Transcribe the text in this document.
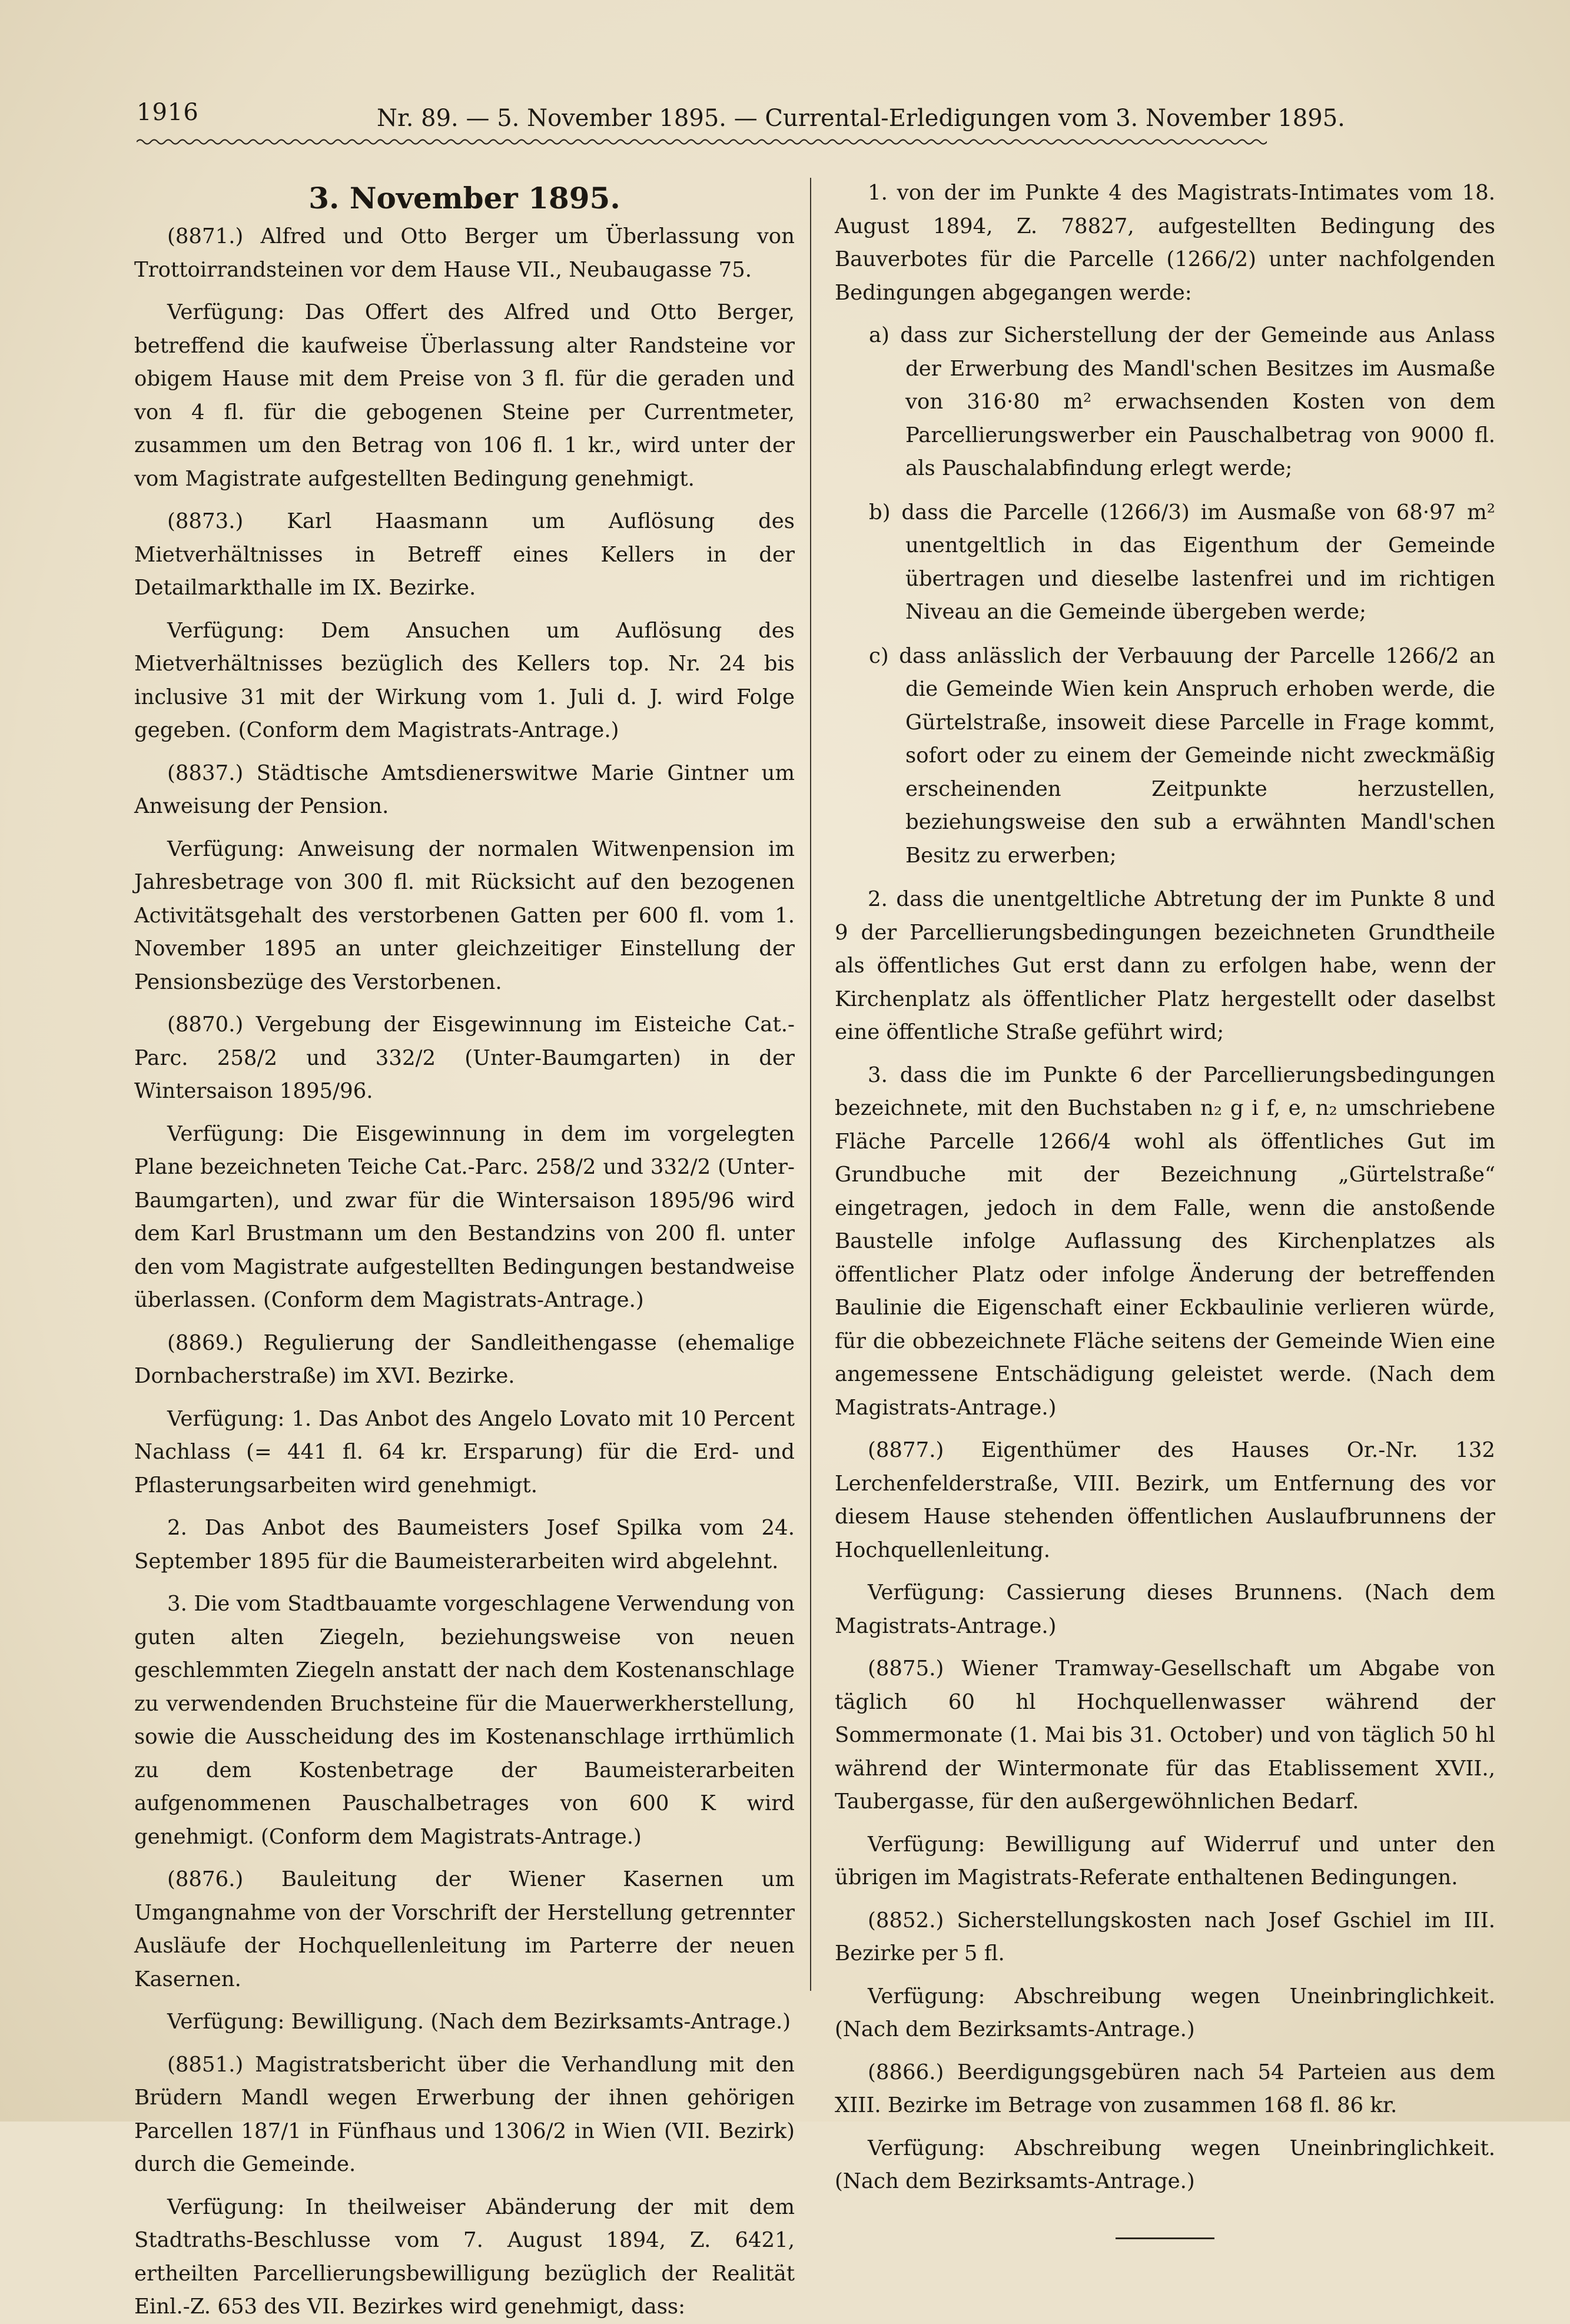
1916	Nr. 89. — 5. November 1895. — Currental-Erledigungen vom 3. November 1895.
3. November 1895.

(8871.) Alfred und Otto Berger um Überlassung von Trottoirrandsteinen vor dem Hause VII., Neubaugasse 75.

Verfügung: Das Offert des Alfred und Otto Berger, betreffend die kaufweise Überlassung alter Randsteine vor obigem Hause mit dem Preise von 3 fl. für die geraden und von 4 fl. für die gebogenen Steine per Currentmeter, zusammen um den Betrag von 106 fl. 1 kr., wird unter der vom Magistrate aufgestellten Bedingung genehmigt.

(8873.) Karl Haasmann um Auflösung des Mietverhältnisses in Betreff eines Kellers in der Detailmarkthalle im IX. Bezirke.

Verfügung: Dem Ansuchen um Auflösung des Mietverhältnisses bezüglich des Kellers top. Nr. 24 bis inclusive 31 mit der Wirkung vom 1. Juli d. J. wird Folge gegeben. (Conform dem Magistrats-Antrage.)

(8837.) Städtische Amtsdienerswitwe Marie Gintner um Anweisung der Pension.

Verfügung: Anweisung der normalen Witwenpension im Jahresbetrage von 300 fl. mit Rücksicht auf den bezogenen Activitätsgehalt des verstorbenen Gatten per 600 fl. vom 1. November 1895 an unter gleichzeitiger Einstellung der Pensionsbezüge des Verstorbenen.

(8870.) Vergebung der Eisgewinnung im Eisteiche Cat.-Parc. 258/2 und 332/2 (Unter-Baumgarten) in der Wintersaison 1895/96.

Verfügung: Die Eisgewinnung in dem im vorgelegten Plane bezeichneten Teiche Cat.-Parc. 258/2 und 332/2 (Unter-Baumgarten), und zwar für die Wintersaison 1895/96 wird dem Karl Brustmann um den Bestandzins von 200 fl. unter den vom Magistrate aufgestellten Bedingungen bestandweise überlassen. (Conform dem Magistrats-Antrage.)

(8869.) Regulierung der Sandleithengasse (ehemalige Dornbacherstraße) im XVI. Bezirke.

Verfügung: 1. Das Anbot des Angelo Lovato mit 10 Percent Nachlass (= 441 fl. 64 kr. Ersparung) für die Erd- und Pflasterungsarbeiten wird genehmigt.

2. Das Anbot des Baumeisters Josef Spilka vom 24. September 1895 für die Baumeisterarbeiten wird abgelehnt.

3. Die vom Stadtbauamte vorgeschlagene Verwendung von guten alten Ziegeln, beziehungsweise von neuen geschlemmten Ziegeln anstatt der nach dem Kostenanschlage zu verwendenden Bruchsteine für die Mauerwerkherstellung, sowie die Ausscheidung des im Kostenanschlage irrthümlich zu dem Kostenbetrage der Baumeisterarbeiten aufgenommenen Pauschalbetrages von 600 K wird genehmigt. (Conform dem Magistrats-Antrage.)

(8876.) Bauleitung der Wiener Kasernen um Umgangnahme von der Vorschrift der Herstellung getrennter Ausläufe der Hochquellenleitung im Parterre der neuen Kasernen.

Verfügung: Bewilligung. (Nach dem Bezirksamts-Antrage.)

(8851.) Magistratsbericht über die Verhandlung mit den Brüdern Mandl wegen Erwerbung der ihnen gehörigen Parcellen 187/1 in Fünfhaus und 1306/2 in Wien (VII. Bezirk) durch die Gemeinde.

Verfügung: In theilweiser Abänderung der mit dem Stadtraths-Beschlusse vom 7. August 1894, Z. 6421, ertheilten Parcellierungsbewilligung bezüglich der Realität Einl.-Z. 653 des VII. Bezirkes wird genehmigt, dass:

1. von der im Punkte 4 des Magistrats-Intimates vom 18. August 1894, Z. 78827, aufgestellten Bedingung des Bauverbotes für die Parcelle (1266/2) unter nachfolgenden Bedingungen abgegangen werde:

a) dass zur Sicherstellung der der Gemeinde aus Anlass der Erwerbung des Mandl'schen Besitzes im Ausmaße von 316·80 m² erwachsenden Kosten von dem Parcellierungswerber ein Pauschalbetrag von 9000 fl. als Pauschalabfindung erlegt werde;

b) dass die Parcelle (1266/3) im Ausmaße von 68·97 m² unentgeltlich in das Eigenthum der Gemeinde übertragen und dieselbe lastenfrei und im richtigen Niveau an die Gemeinde übergeben werde;

c) dass anlässlich der Verbauung der Parcelle 1266/2 an die Gemeinde Wien kein Anspruch erhoben werde, die Gürtelstraße, insoweit diese Parcelle in Frage kommt, sofort oder zu einem der Gemeinde nicht zweckmäßig erscheinenden Zeitpunkte herzustellen, beziehungsweise den sub a erwähnten Mandl'schen Besitz zu erwerben;

2. dass die unentgeltliche Abtretung der im Punkte 8 und 9 der Parcellierungsbedingungen bezeichneten Grundtheile als öffentliches Gut erst dann zu erfolgen habe, wenn der Kirchenplatz als öffentlicher Platz hergestellt oder daselbst eine öffentliche Straße geführt wird;

3. dass die im Punkte 6 der Parcellierungsbedingungen bezeichnete, mit den Buchstaben n₂ g i f, e, n₂ umschriebene Fläche Parcelle 1266/4 wohl als öffentliches Gut im Grundbuche mit der Bezeichnung „Gürtelstraße“ eingetragen, jedoch in dem Falle, wenn die anstoßende Baustelle infolge Auflassung des Kirchenplatzes als öffentlicher Platz oder infolge Änderung der betreffenden Baulinie die Eigenschaft einer Eckbaulinie verlieren würde, für die obbezeichnete Fläche seitens der Gemeinde Wien eine angemessene Entschädigung geleistet werde. (Nach dem Magistrats-Antrage.)

(8877.) Eigenthümer des Hauses Or.-Nr. 132 Lerchenfelderstraße, VIII. Bezirk, um Entfernung des vor diesem Hause stehenden öffentlichen Auslaufbrunnens der Hochquellenleitung.

Verfügung: Cassierung dieses Brunnens. (Nach dem Magistrats-Antrage.)

(8875.) Wiener Tramway-Gesellschaft um Abgabe von täglich 60 hl Hochquellenwasser während der Sommermonate (1. Mai bis 31. October) und von täglich 50 hl während der Wintermonate für das Etablissement XVII., Taubergasse, für den außergewöhnlichen Bedarf.

Verfügung: Bewilligung auf Widerruf und unter den übrigen im Magistrats-Referate enthaltenen Bedingungen.

(8852.) Sicherstellungskosten nach Josef Gschiel im III. Bezirke per 5 fl.

Verfügung: Abschreibung wegen Uneinbringlichkeit. (Nach dem Bezirksamts-Antrage.)

(8866.) Beerdigungsgebüren nach 54 Parteien aus dem XIII. Bezirke im Betrage von zusammen 168 fl. 86 kr.

Verfügung: Abschreibung wegen Uneinbringlichkeit. (Nach dem Bezirksamts-Antrage.)
